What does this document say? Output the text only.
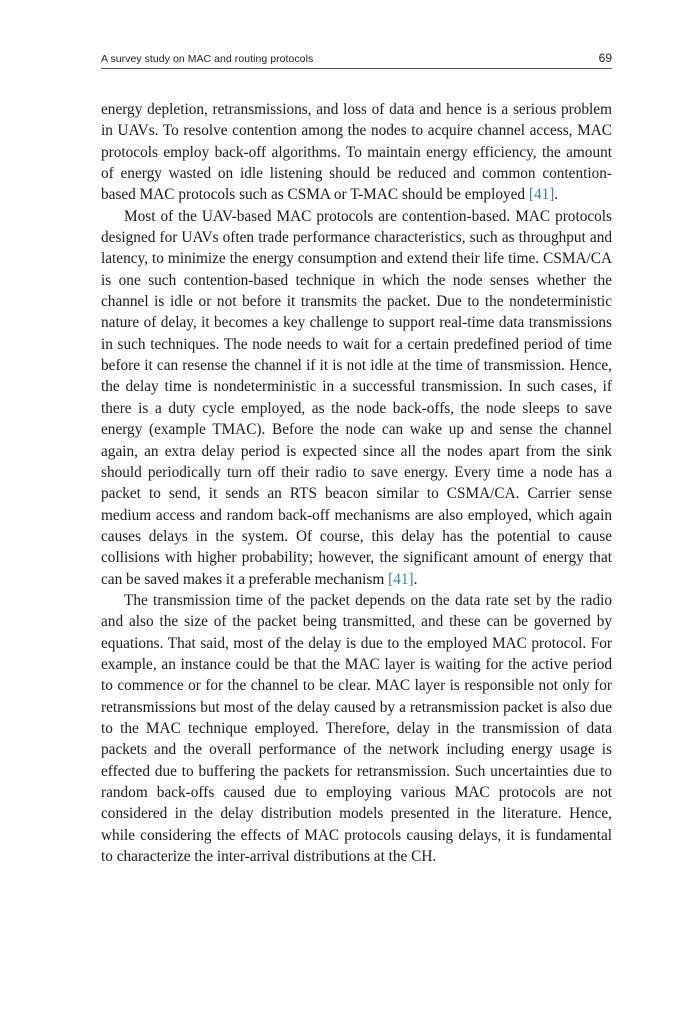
A survey study on MAC and routing protocols	69

energy depletion, retransmissions, and loss of data and hence is a serious problem in UAVs. To resolve contention among the nodes to acquire channel access, MAC protocols employ back-off algorithms. To maintain energy efficiency, the amount of energy wasted on idle listening should be reduced and common contention-based MAC protocols such as CSMA or T-MAC should be employed [41].

Most of the UAV-based MAC protocols are contention-based. MAC protocols designed for UAVs often trade performance characteristics, such as throughput and latency, to minimize the energy consumption and extend their life time. CSMA/CA is one such contention-based technique in which the node senses whether the channel is idle or not before it transmits the packet. Due to the nondeterministic nature of delay, it becomes a key challenge to support real-time data transmissions in such techniques. The node needs to wait for a certain predefined period of time before it can resense the channel if it is not idle at the time of transmission. Hence, the delay time is nondeterministic in a successful transmission. In such cases, if there is a duty cycle employed, as the node back-offs, the node sleeps to save energy (example TMAC). Before the node can wake up and sense the channel again, an extra delay period is expected since all the nodes apart from the sink should periodically turn off their radio to save energy. Every time a node has a packet to send, it sends an RTS beacon similar to CSMA/CA. Carrier sense medium access and random back-off mechanisms are also employed, which again causes delays in the system. Of course, this delay has the potential to cause collisions with higher probability; however, the significant amount of energy that can be saved makes it a preferable mechanism [41].

The transmission time of the packet depends on the data rate set by the radio and also the size of the packet being transmitted, and these can be governed by equations. That said, most of the delay is due to the employed MAC protocol. For example, an instance could be that the MAC layer is waiting for the active period to commence or for the channel to be clear. MAC layer is responsible not only for retransmissions but most of the delay caused by a retransmission packet is also due to the MAC technique employed. Therefore, delay in the transmission of data packets and the overall performance of the network including energy usage is effected due to buffering the packets for retransmission. Such uncertainties due to random back-offs caused due to employing various MAC protocols are not considered in the delay distribution models presented in the literature. Hence, while considering the effects of MAC protocols causing delays, it is fundamental to characterize the inter-arrival distributions at the CH.
